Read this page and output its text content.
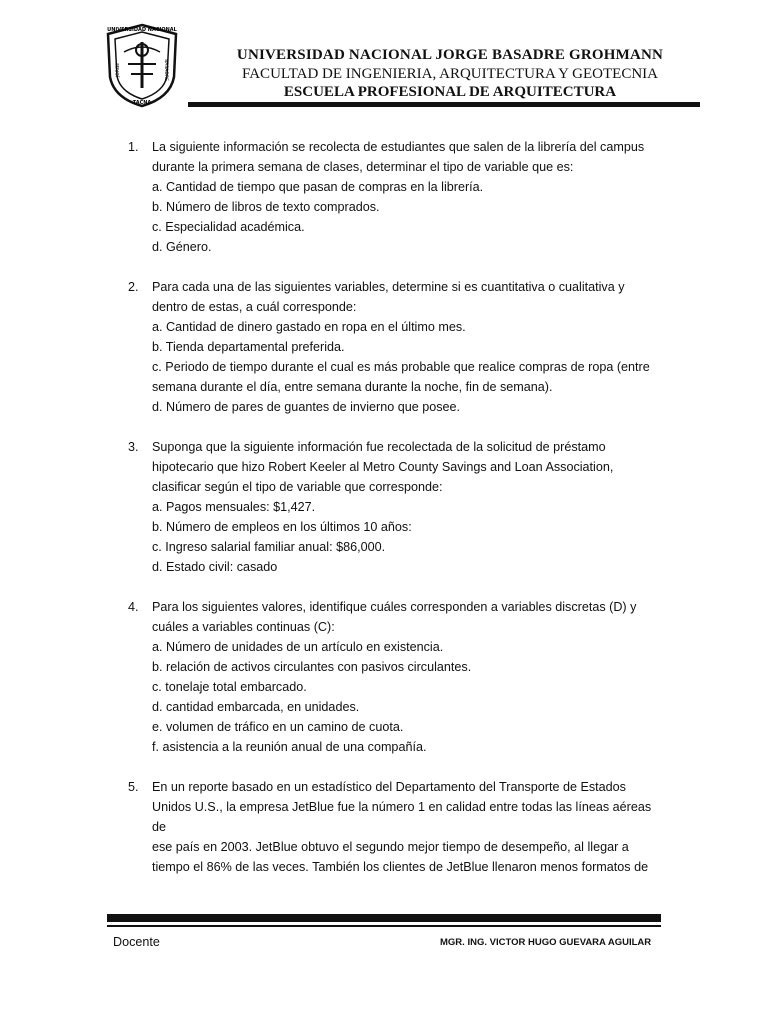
UNIVERSIDAD NACIONAL
JORGE	BASADRE
TACNA
UNIVERSIDAD NACIONAL JORGE BASADRE GROHMANN
FACULTAD DE INGENIERIA, ARQUITECTURA Y GEOTECNIA
ESCUELA PROFESIONAL DE ARQUITECTURA
1. La siguiente información se recolecta de estudiantes que salen de la librería del campus
durante la primera semana de clases, determinar el tipo de variable que es:
a. Cantidad de tiempo que pasan de compras en la librería.
b. Número de libros de texto comprados.
c. Especialidad académica.
d. Género.
2. Para cada una de las siguientes variables, determine si es cuantitativa o cualitativa y
dentro de estas, a cuál corresponde:
a. Cantidad de dinero gastado en ropa en el último mes.
b. Tienda departamental preferida.
c. Periodo de tiempo durante el cual es más probable que realice compras de ropa (entre
semana durante el día, entre semana durante la noche, fin de semana).
d. Número de pares de guantes de invierno que posee.
3. Suponga que la siguiente información fue recolectada de la solicitud de préstamo
hipotecario que hizo Robert Keeler al Metro County Savings and Loan Association,
clasificar según el tipo de variable que corresponde:
a. Pagos mensuales: $1,427.
b. Número de empleos en los últimos 10 años:
c. Ingreso salarial familiar anual: $86,000.
d. Estado civil: casado
4. Para los siguientes valores, identifique cuáles corresponden a variables discretas (D) y
cuáles a variables continuas (C):
a. Número de unidades de un artículo en existencia.
b. relación de activos circulantes con pasivos circulantes.
c. tonelaje total embarcado.
d. cantidad embarcada, en unidades.
e. volumen de tráfico en un camino de cuota.
f. asistencia a la reunión anual de una compañía.
5. En un reporte basado en un estadístico del Departamento del Transporte de Estados
Unidos U.S., la empresa JetBlue fue la número 1 en calidad entre todas las líneas aéreas de
ese país en 2003. JetBlue obtuvo el segundo mejor tiempo de desempeño, al llegar a
tiempo el 86% de las veces. También los clientes de JetBlue llenaron menos formatos de
Docente	MGR. ING. VICTOR HUGO GUEVARA AGUILAR
